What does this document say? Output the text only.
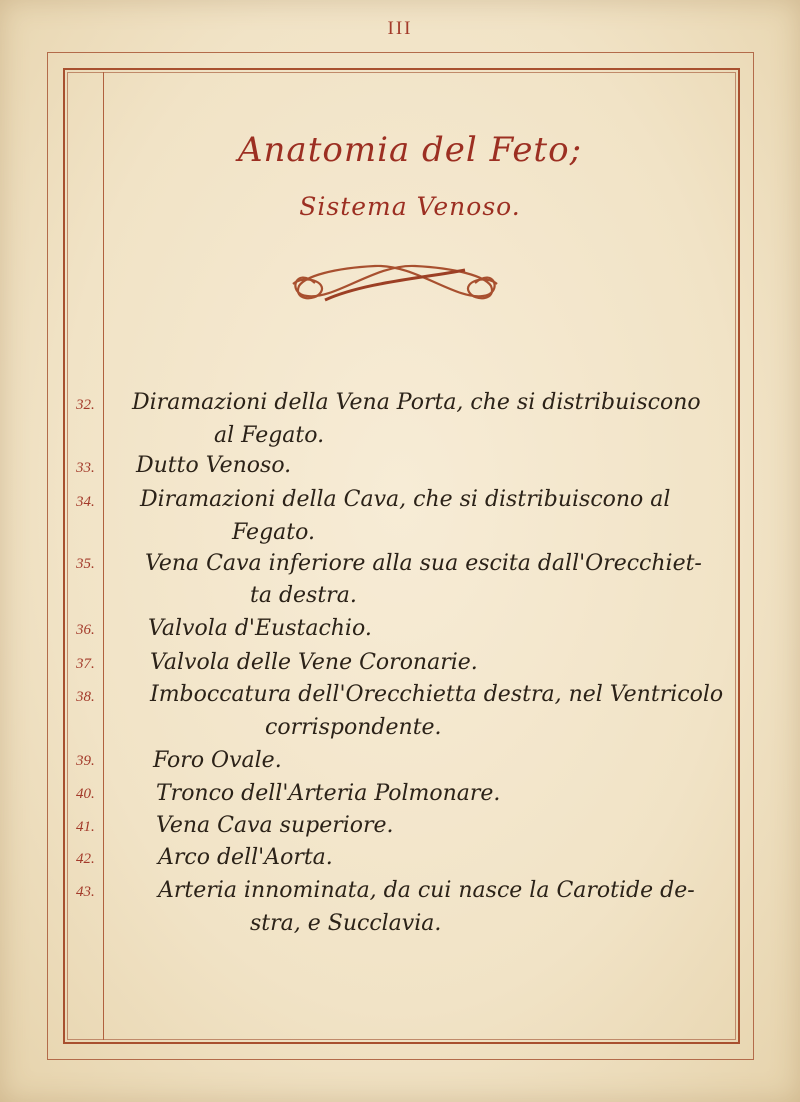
III
Anatomia del Feto;
Sistema Venoso.
32. Diramazioni della Vena Porta, che si distribuiscono
al Fegato.
33. Dutto Venoso.
34. Diramazioni della Cava, che si distribuiscono al
Fegato.
35. Vena Cava inferiore alla sua escita dall'Orecchiet-
ta destra.
36. Valvola d'Eustachio.
37.	Valvola delle Vene Coronarie.
38.	Imboccatura dell'Orecchietta destra, nel Ventricolo
corrispondente.
39.	Foro Ovale.
40.	Tronco dell'Arteria Polmonare.
41.	Vena Cava superiore.
42.	Arco dell'Aorta.
43.	Arteria innominata, da cui nasce la Carotide de-
stra, e Succlavia.
